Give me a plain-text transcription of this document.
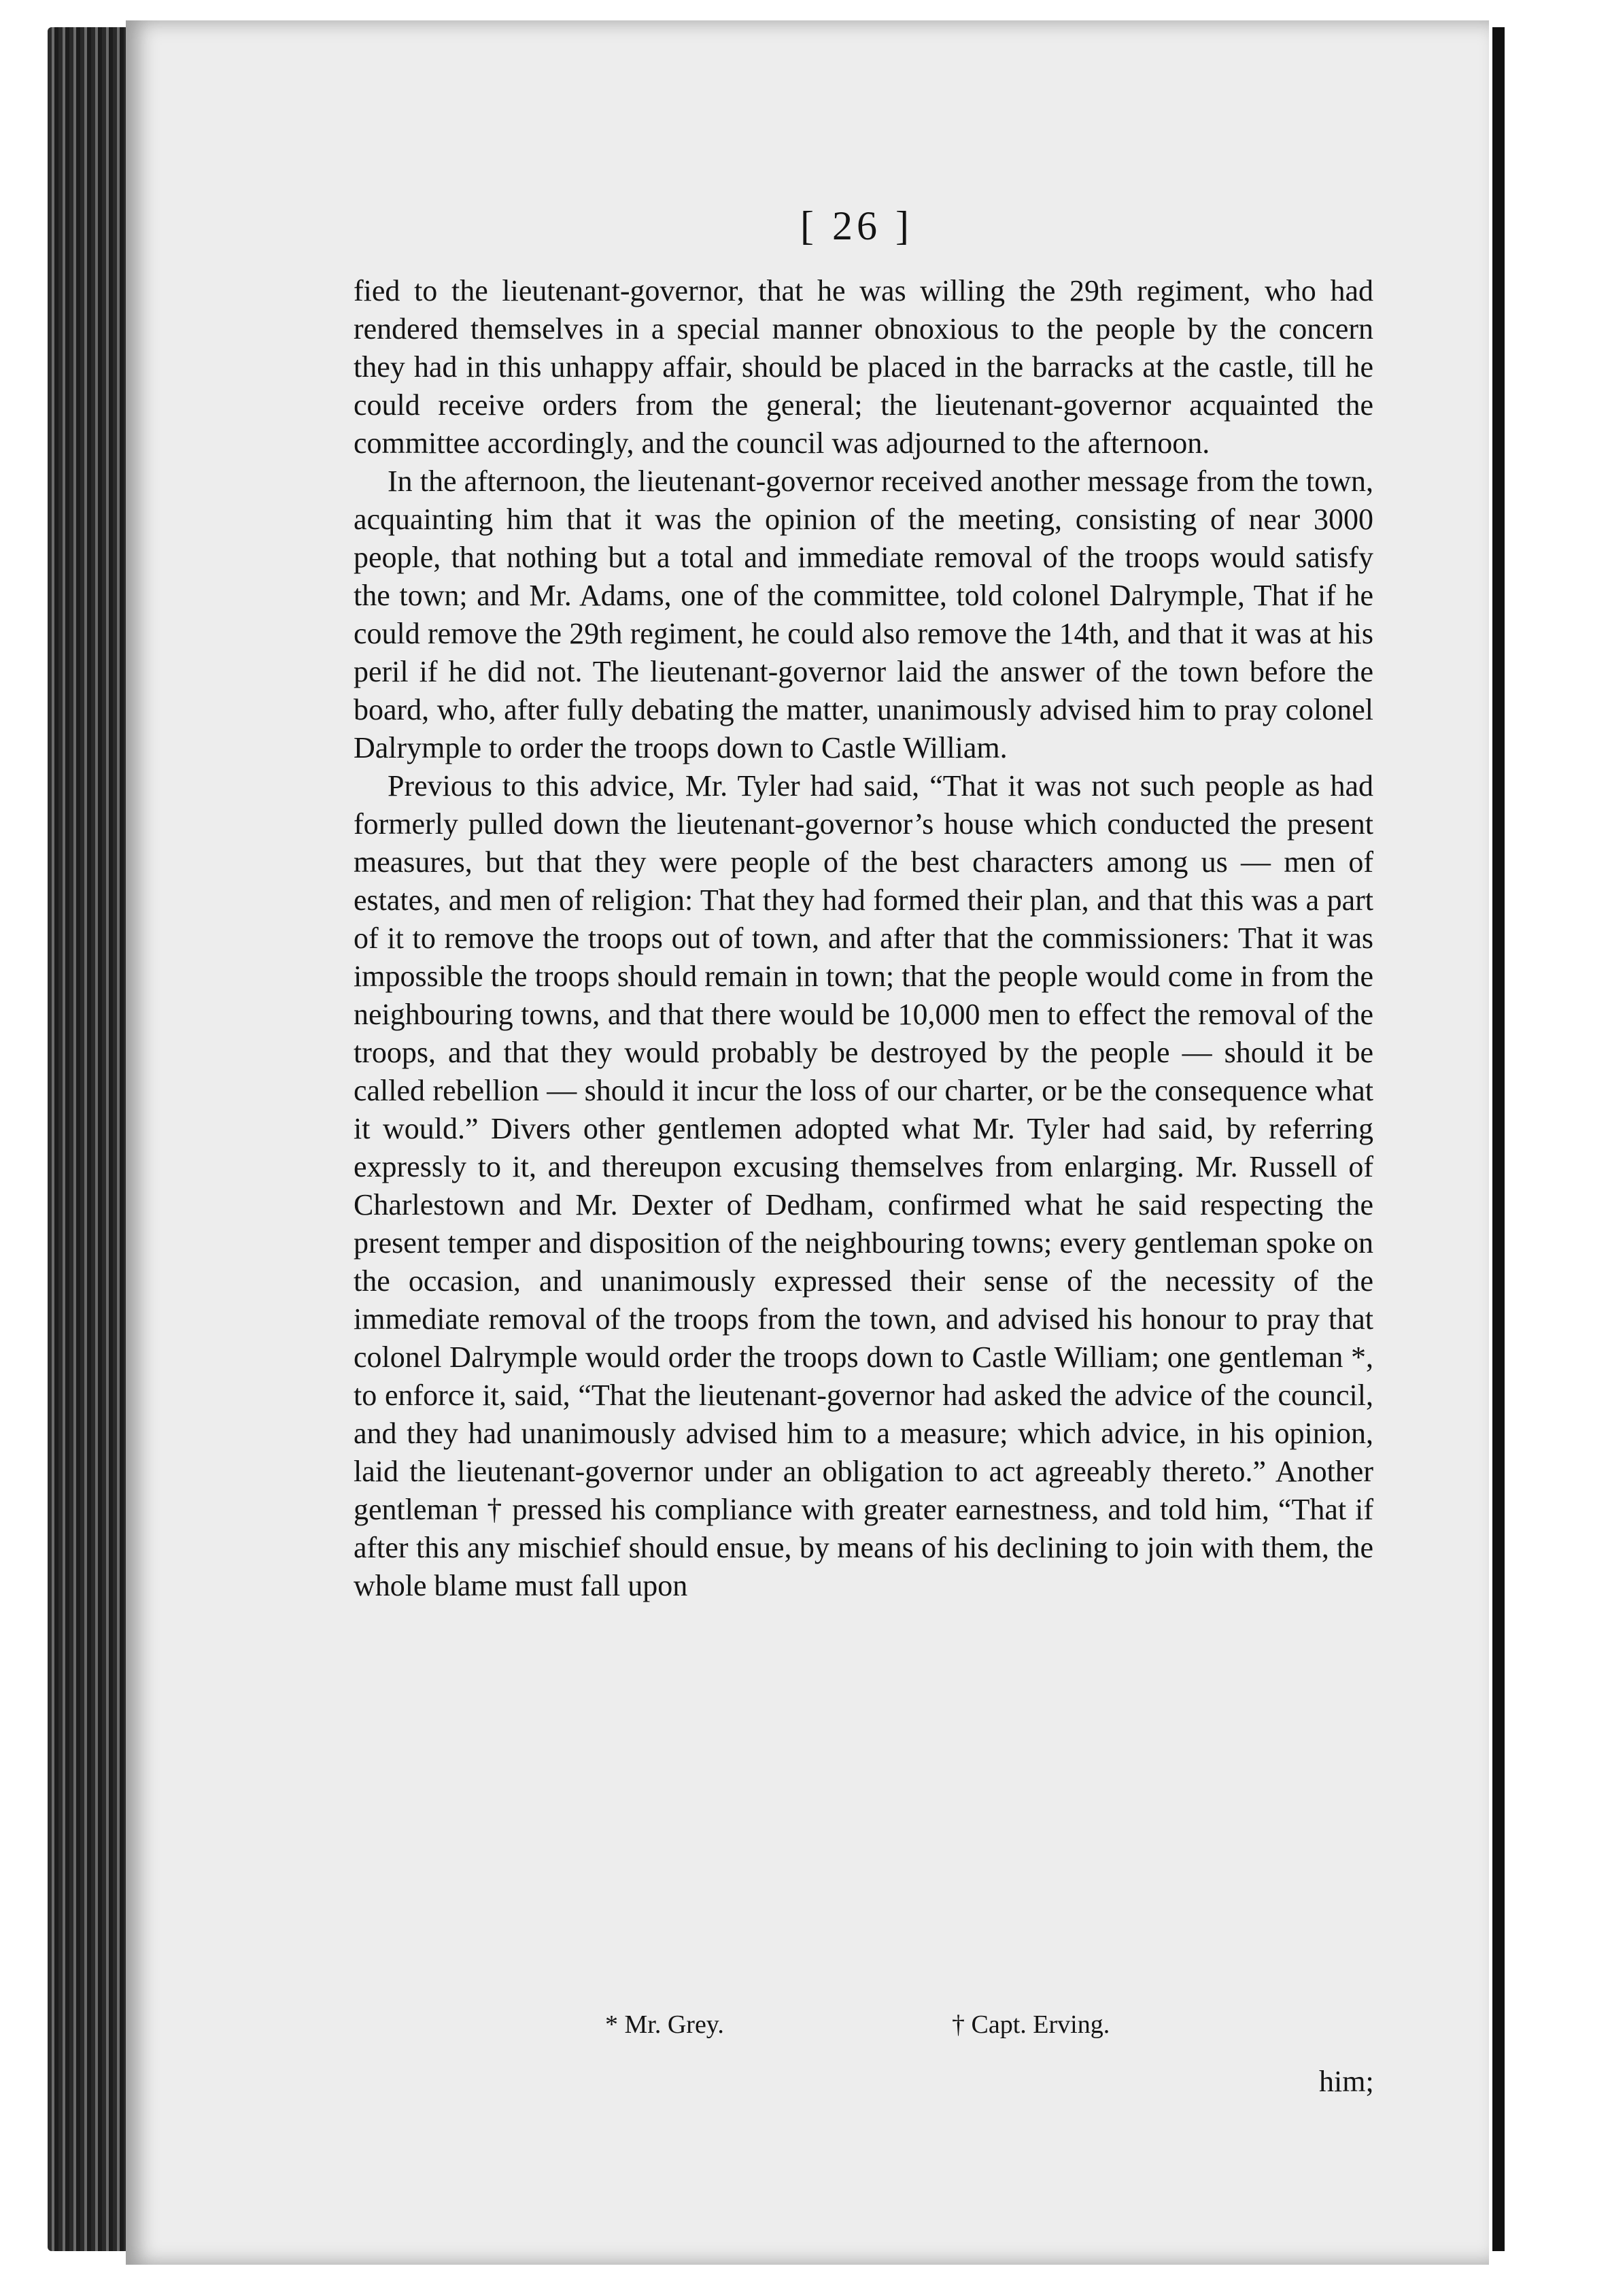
[ 26 ]

fied to the lieutenant-governor, that he was willing the 29th regiment, who had rendered themselves in a special manner obnoxious to the people by the concern they had in this unhappy affair, should be placed in the barracks at the castle, till he could receive orders from the general; the lieutenant-governor acquainted the committee accordingly, and the council was adjourned to the afternoon.

In the afternoon, the lieutenant-governor received another message from the town, acquainting him that it was the opinion of the meeting, consisting of near 3000 people, that nothing but a total and immediate removal of the troops would satisfy the town; and Mr. Adams, one of the committee, told colonel Dalrymple, That if he could remove the 29th regiment, he could also remove the 14th, and that it was at his peril if he did not. The lieutenant-governor laid the answer of the town before the board, who, after fully debating the matter, unanimously advised him to pray colonel Dalrymple to order the troops down to Castle William.

Previous to this advice, Mr. Tyler had said, “That it was not such people as had formerly pulled down the lieutenant-governor’s house which conducted the present measures, but that they were people of the best characters among us — men of estates, and men of religion: That they had formed their plan, and that this was a part of it to remove the troops out of town, and after that the commissioners: That it was impossible the troops should remain in town; that the people would come in from the neighbouring towns, and that there would be 10,000 men to effect the removal of the troops, and that they would probably be destroyed by the people — should it be called rebellion — should it incur the loss of our charter, or be the consequence what it would.” Divers other gentlemen adopted what Mr. Tyler had said, by referring expressly to it, and thereupon excusing themselves from enlarging. Mr. Russell of Charlestown and Mr. Dexter of Dedham, confirmed what he said respecting the present temper and disposition of the neighbouring towns; every gentleman spoke on the occasion, and unanimously expressed their sense of the necessity of the immediate removal of the troops from the town, and advised his honour to pray that colonel Dalrymple would order the troops down to Castle William; one gentleman *, to enforce it, said, “That the lieutenant-governor had asked the advice of the council, and they had unanimously advised him to a measure; which advice, in his opinion, laid the lieutenant-governor under an obligation to act agreeably thereto.” Another gentleman † pressed his compliance with greater earnestness, and told him, “That if after this any mischief should ensue, by means of his declining to join with them, the whole blame must fall upon

* Mr. Grey.	† Capt. Erving.
him;
